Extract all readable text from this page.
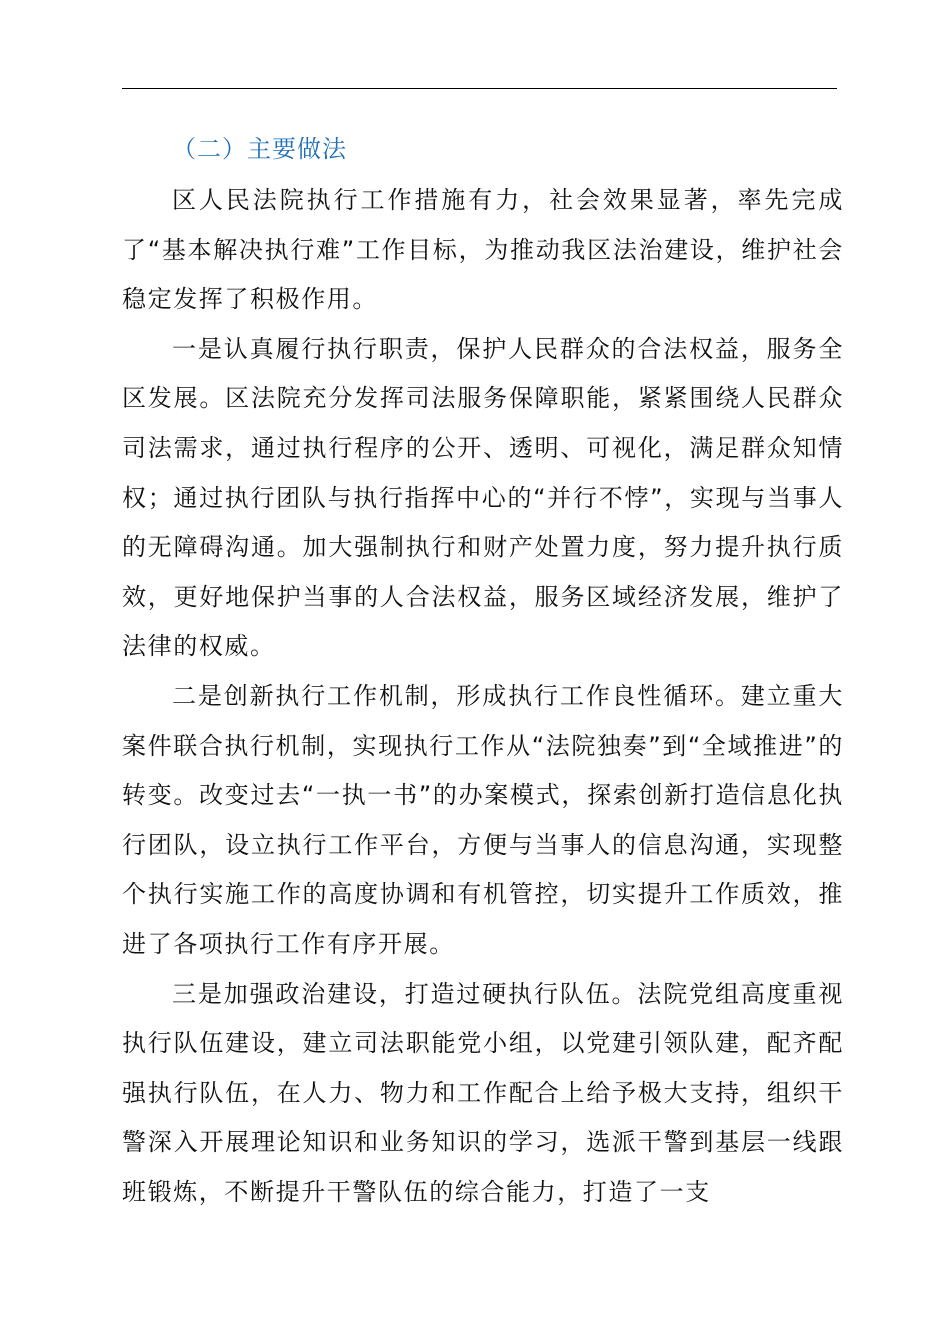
（二）主要做法

区人民法院执行工作措施有力，社会效果显著，率先完成了“基本解决执行难”工作目标，为推动我区法治建设，维护社会稳定发挥了积极作用。

一是认真履行执行职责，保护人民群众的合法权益，服务全区发展。区法院充分发挥司法服务保障职能，紧紧围绕人民群众司法需求，通过执行程序的公开、透明、可视化，满足群众知情权；通过执行团队与执行指挥中心的“并行不悖”，实现与当事人的无障碍沟通。加大强制执行和财产处置力度，努力提升执行质效，更好地保护当事的人合法权益，服务区域经济发展，维护了法律的权威。

二是创新执行工作机制，形成执行工作良性循环。建立重大案件联合执行机制，实现执行工作从“法院独奏”到“全域推进”的转变。改变过去“一执一书”的办案模式，探索创新打造信息化执行团队，设立执行工作平台，方便与当事人的信息沟通，实现整个执行实施工作的高度协调和有机管控，切实提升工作质效，推进了各项执行工作有序开展。

三是加强政治建设，打造过硬执行队伍。法院党组高度重视执行队伍建设，建立司法职能党小组，以党建引领队建，配齐配强执行队伍，在人力、物力和工作配合上给予极大支持，组织干警深入开展理论知识和业务知识的学习，选派干警到基层一线跟班锻炼，不断提升干警队伍的综合能力，打造了一支
